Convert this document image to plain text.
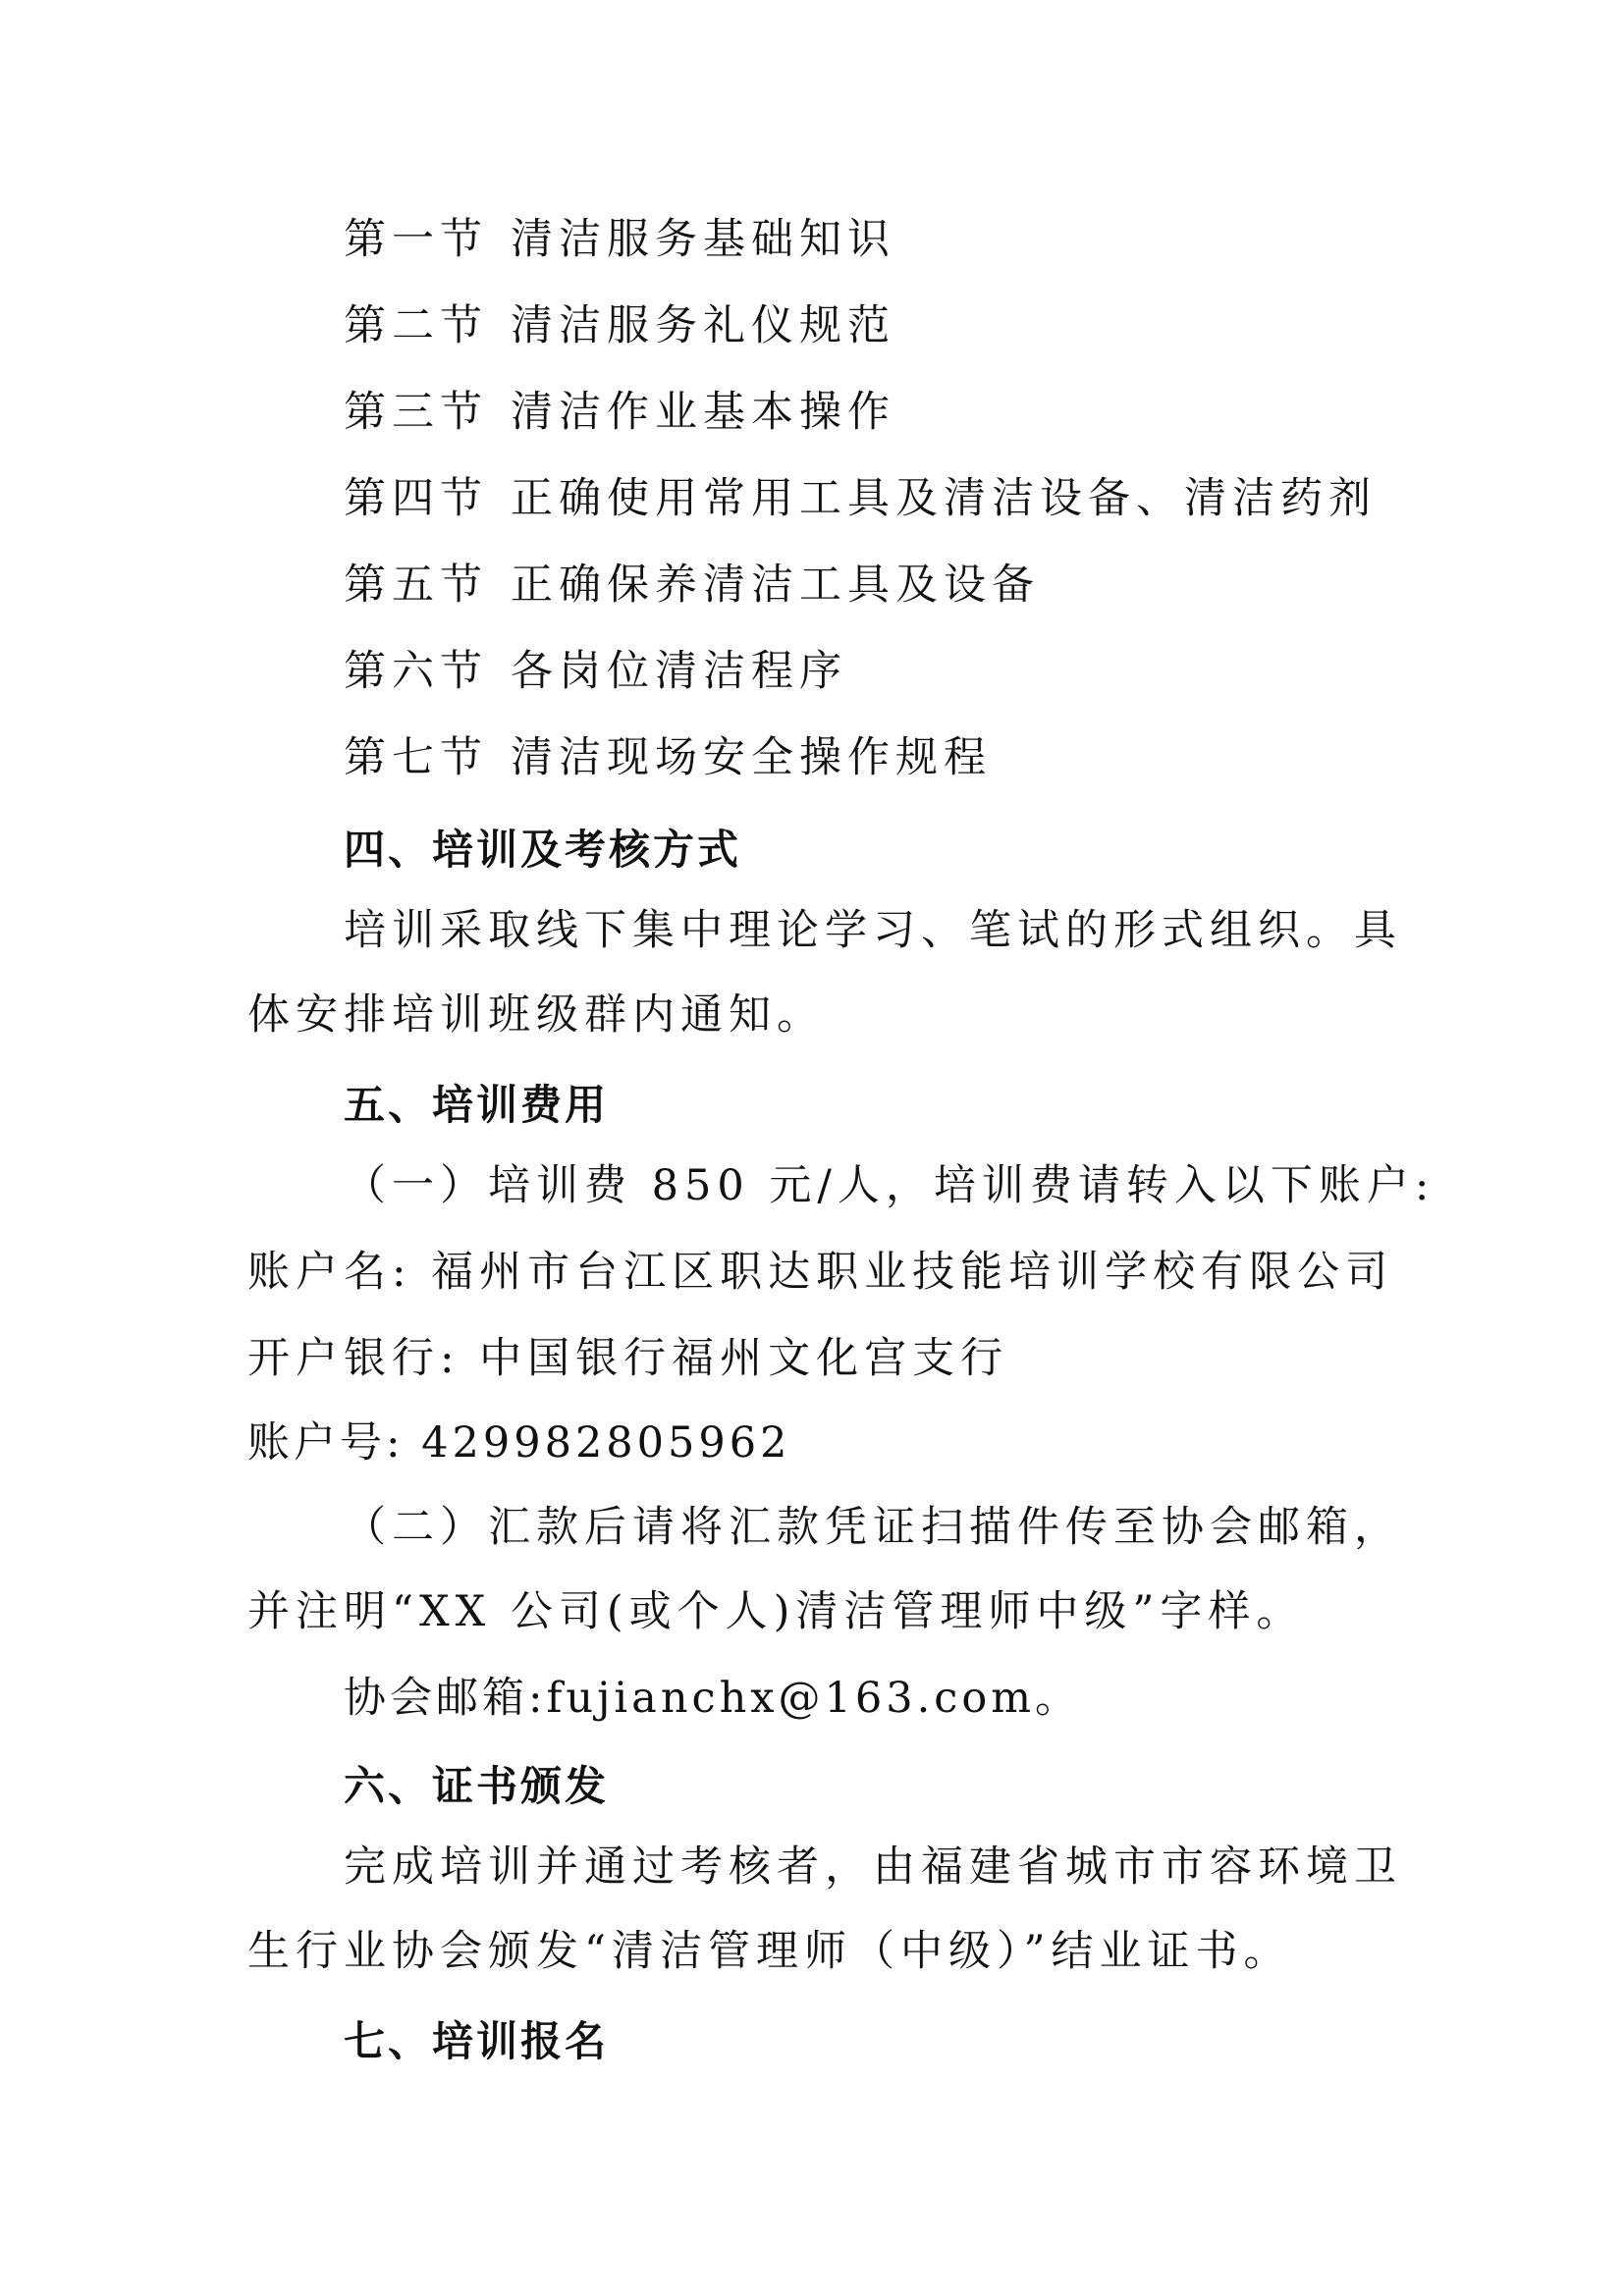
第一节 清洁服务基础知识
第二节 清洁服务礼仪规范
第三节 清洁作业基本操作
第四节 正确使用常用工具及清洁设备、清洁药剂
第五节 正确保养清洁工具及设备
第六节 各岗位清洁程序
第七节 清洁现场安全操作规程
四、培训及考核方式
培训采取线下集中理论学习、笔试的形式组织。具
体安排培训班级群内通知。
五、培训费用
（一）培训费 850 元/人，培训费请转入以下账户:
账户名: 福州市台江区职达职业技能培训学校有限公司
开户银行: 中国银行福州文化宫支行
账户号: 429982805962
（二）汇款后请将汇款凭证扫描件传至协会邮箱，
并注明“XX 公司(或个人)清洁管理师中级”字样。
协会邮箱:fujianchx@163.com。
六、证书颁发
完成培训并通过考核者，由福建省城市市容环境卫
生行业协会颁发“清洁管理师（中级）”结业证书。
七、培训报名
